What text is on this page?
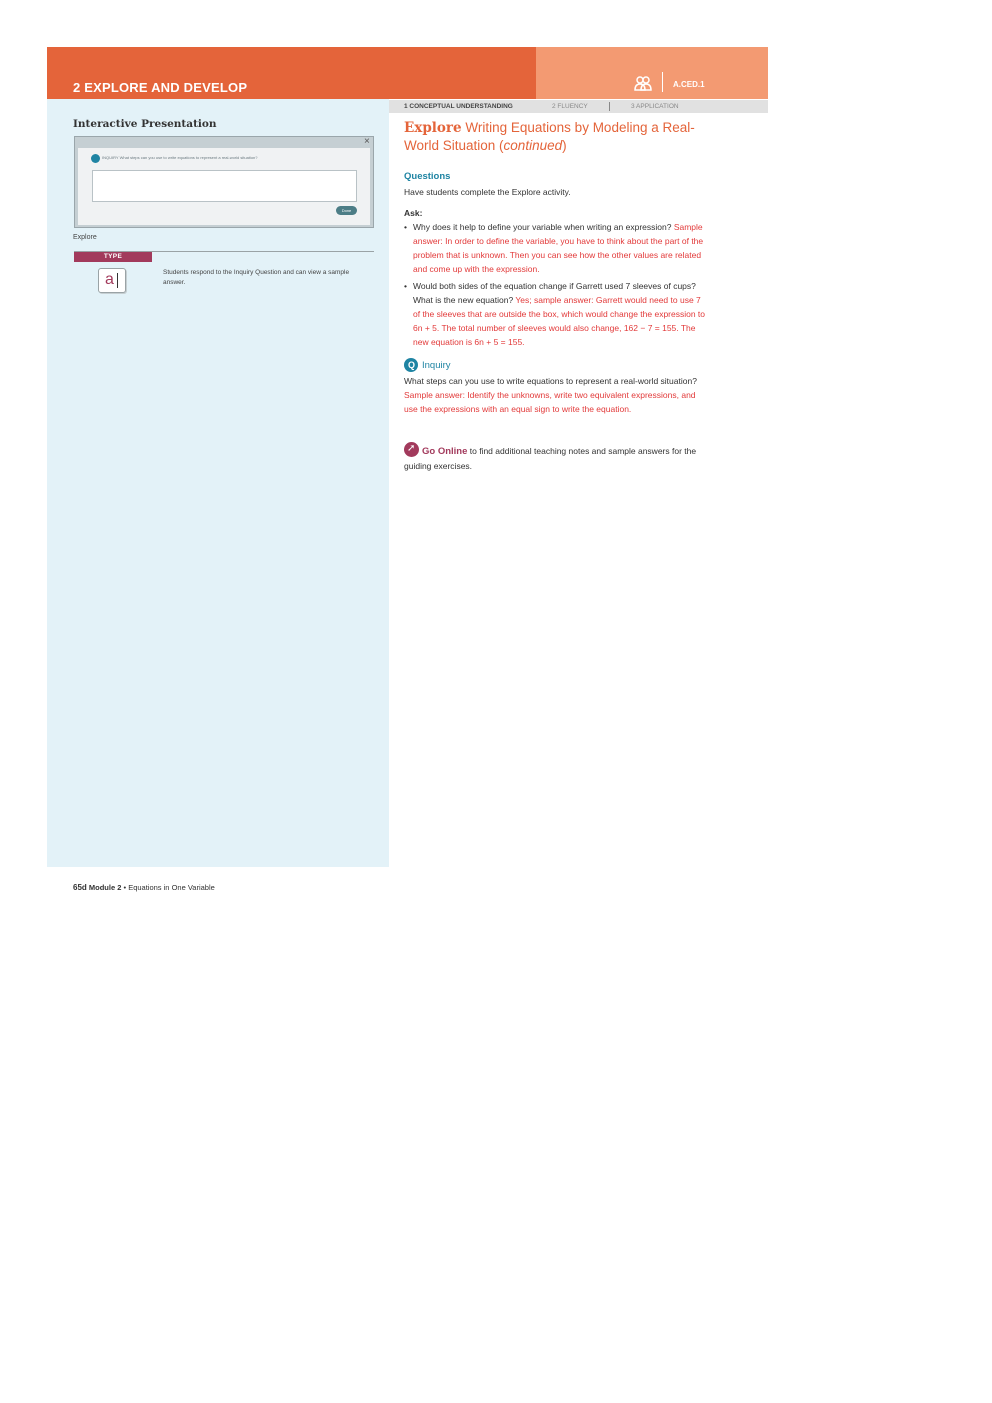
2 EXPLORE AND DEVELOP	A.CED.1
Interactive Presentation
×
INQUIRY What steps can you use to write equations to represent a real-world situation?
Done
Explore
TYPE
a	Students respond to the Inquiry Question and can view a sample answer.
1 CONCEPTUAL UNDERSTANDING	2 FLUENCY	3 APPLICATION
Explore Writing Equations by Modeling a Real-World Situation (continued)
Questions
Have students complete the Explore activity.
Ask:
• Why does it help to define your variable when writing an expression? Sample answer: In order to define the variable, you have to think about the part of the problem that is unknown. Then you can see how the other values are related and come up with the expression.
• Would both sides of the equation change if Garrett used 7 sleeves of cups? What is the new equation? Yes; sample answer: Garrett would need to use 7 of the sleeves that are outside the box, which would change the expression to 6n + 5. The total number of sleeves would also change, 162 − 7 = 155. The new equation is 6n + 5 = 155.
Q Inquiry
What steps can you use to write equations to represent a real-world situation? Sample answer: Identify the unknowns, write two equivalent expressions, and use the expressions with an equal sign to write the equation.
➚ Go Online to find additional teaching notes and sample answers for the guiding exercises.
65d Module 2 • Equations in One Variable
